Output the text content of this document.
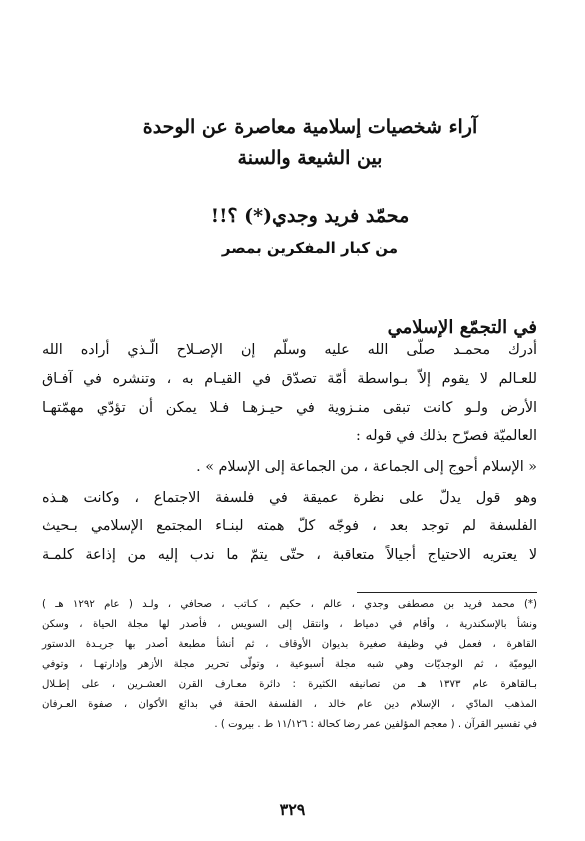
آراء شخصيات إسلامية معاصرة عن الوحدة
بين الشيعة والسنة
محمّد فريد وجدي(*) ؟!!
من كبار المفكرين بمصر
في التجمّع الإسلامي
أدرك محمـد صلّى الله عليه وسلّم إن الإصـلاح الّـذي أراده الله
للعـالم لا يقوم إلاّ بـواسطة أمّة تصدّق في القيـام به ، وتنشره في آفـاق
الأرض ولـو كانت تبقى منـزوية في حيـزهـا فـلا يمكن أن تؤدّي مهمّتهـا
العالميّة فصرّح بذلك في قوله :
« الإسلام أحوج إلى الجماعة ، من الجماعة إلى الإسلام » .
وهو قول يدلّ على نظرة عميقة في فلسفة الاجتماع ، وكانت هـذه
الفلسفة لم توجد بعد ، فوجّه كلّ همته لبنـاء المجتمع الإسلامي بـحيث
لا يعتريه الاحتياج أجيالاً متعاقبة ، حتّى يتمّ ما ندب إليه من إذاعة كلمـة
(*) محمد فريد بن مصطفى وجدي ، عالم ، حكيم ، كـاتب ، صحافي ، ولـد ( عام ١٢٩٢ هـ )
ونشأ بالإسكندرية ، وأقام في دمياط ، وانتقل إلى السويس ، فأصدر لها مجلة الحياة ، وسكن
القاهرة ، فعمل في وظيفة صغيرة بديوان الأوقاف ، ثم أنشأ مطبعة أصدر بها جريـدة الدستور
اليوميّة ، ثم الوجديّات وهي شبه مجلة أسبوعية ، وتولّى تحرير مجلة الأزهر وإدارتهـا ، وتوفي
بـالقاهرة عام ١٣٧٣ هـ من تصانيفه الكثيرة : دائرة معـارف القرن العشـرين ، على إطـلال
المذهب المادّي ، الإسلام دين عام خالد ، الفلسفة الحقة في بدائع الأكوان ، صفوة العـرفان
في تفسير القرآن . ( معجم المؤلفين عمر رضا كحالة : ١١/١٢٦ ط . بيروت ) .
٣٢٩
